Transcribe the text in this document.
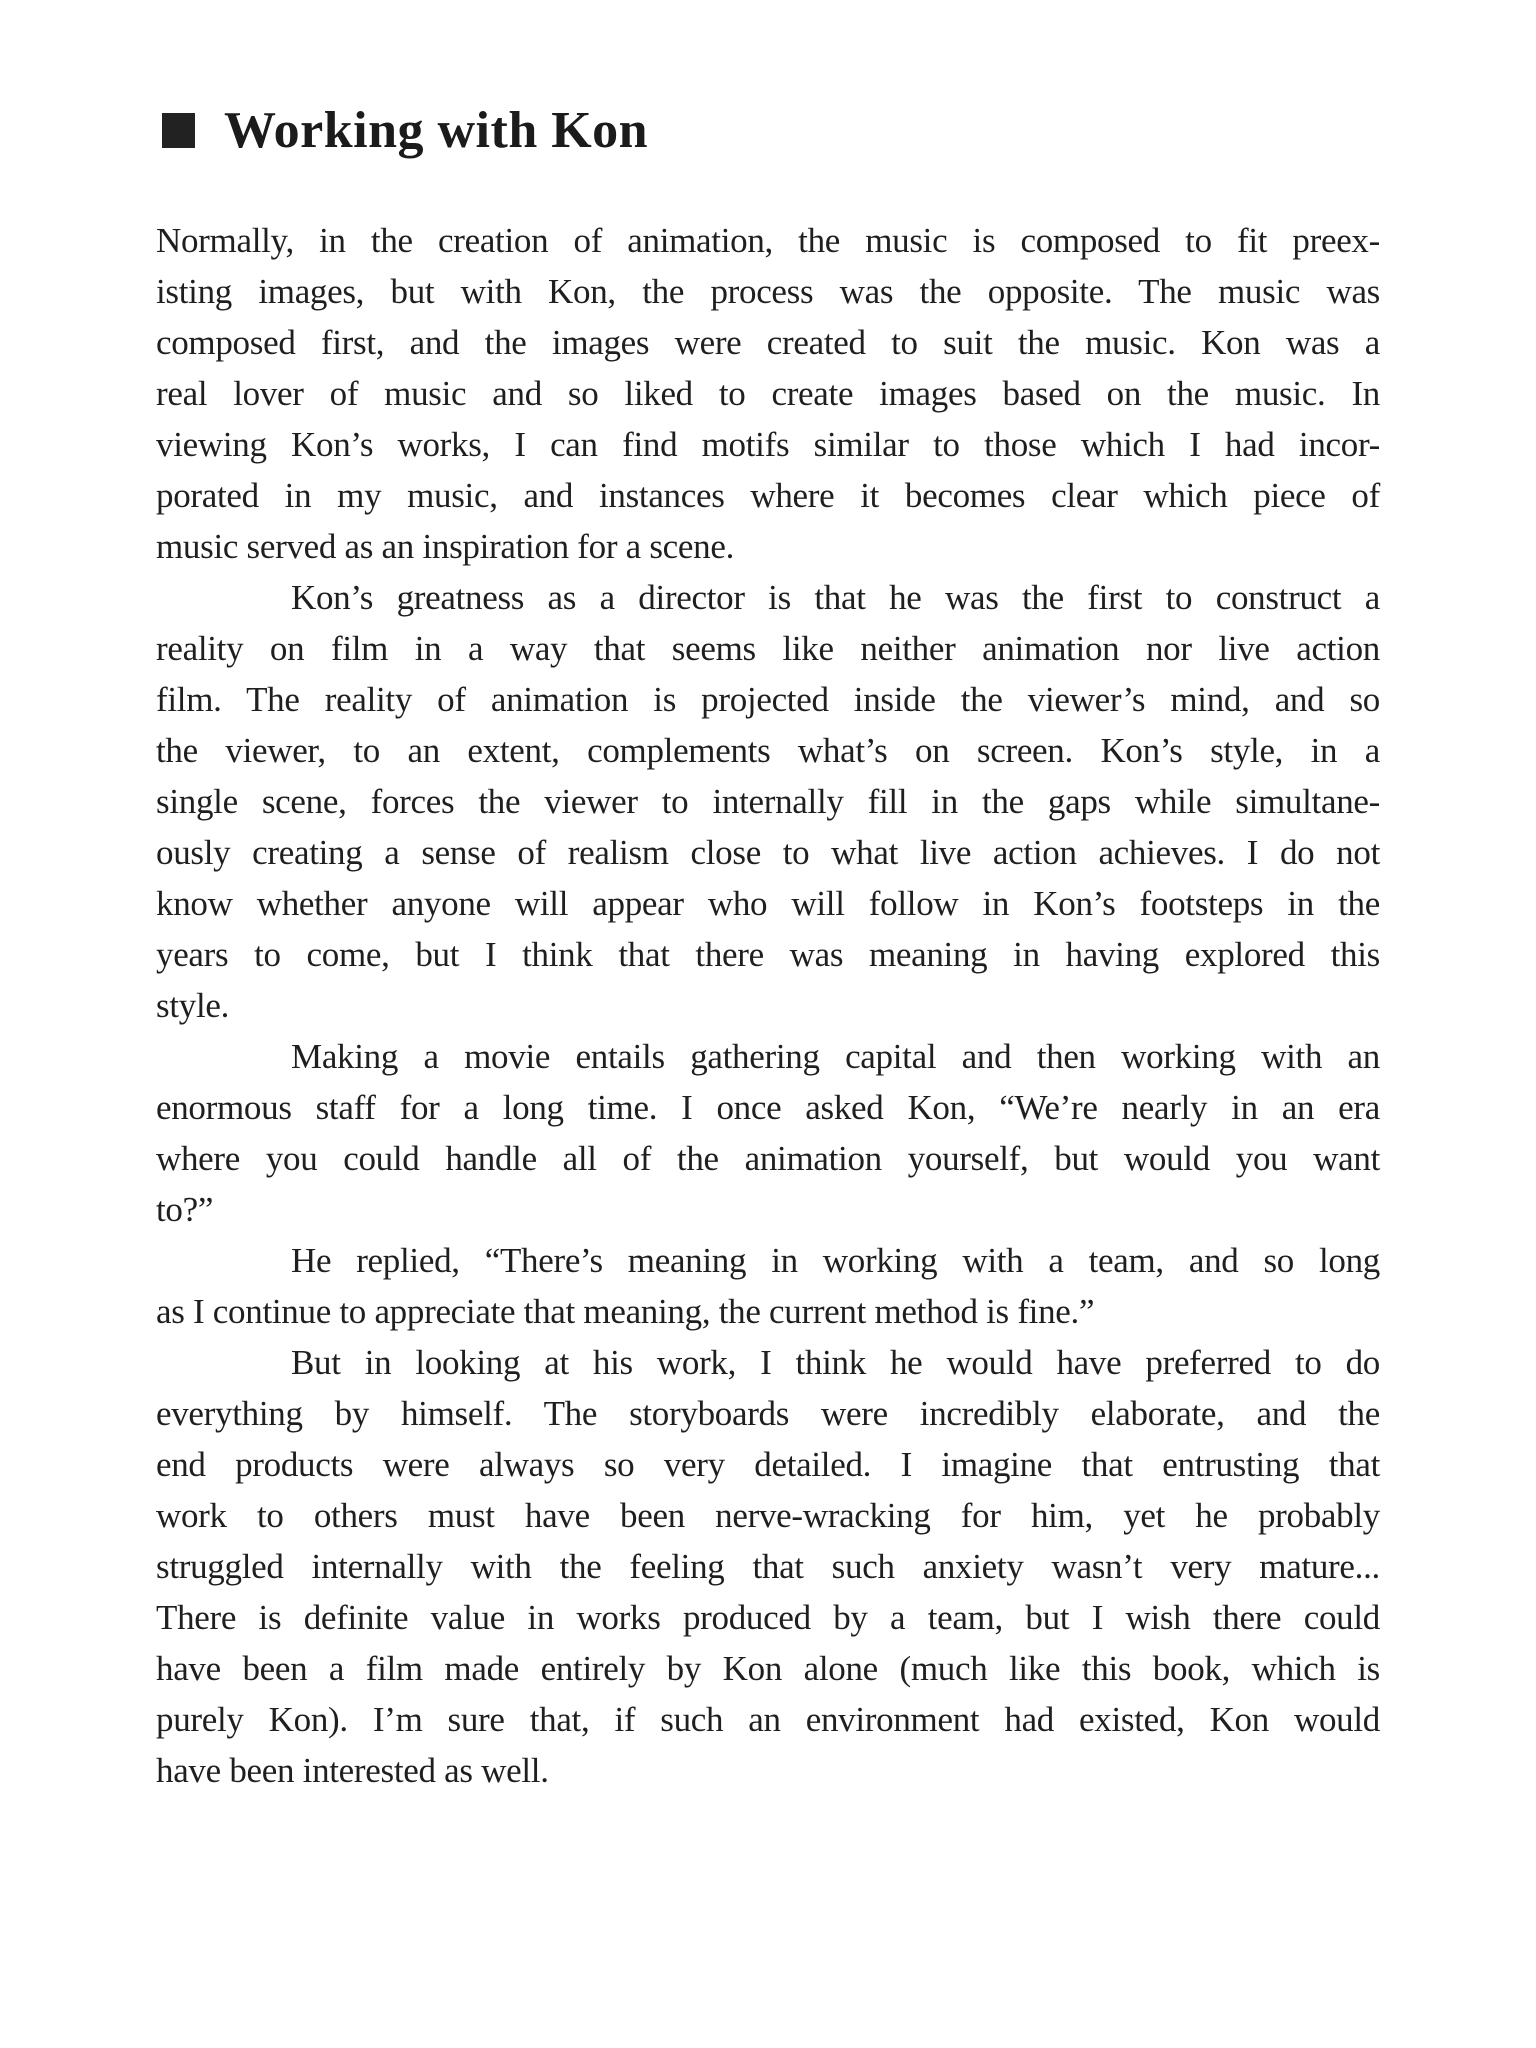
Working with Kon
Normally, in the creation of animation, the music is composed to fit preex-
isting images, but with Kon, the process was the opposite. The music was
composed first, and the images were created to suit the music. Kon was a
real lover of music and so liked to create images based on the music. In
viewing Kon’s works, I can find motifs similar to those which I had incor-
porated in my music, and instances where it becomes clear which piece of
music served as an inspiration for a scene.
Kon’s greatness as a director is that he was the first to construct a
reality on film in a way that seems like neither animation nor live action
film. The reality of animation is projected inside the viewer’s mind, and so
the viewer, to an extent, complements what’s on screen. Kon’s style, in a
single scene, forces the viewer to internally fill in the gaps while simultane-
ously creating a sense of realism close to what live action achieves. I do not
know whether anyone will appear who will follow in Kon’s footsteps in the
years to come, but I think that there was meaning in having explored this
style.
Making a movie entails gathering capital and then working with an
enormous staff for a long time. I once asked Kon, “We’re nearly in an era
where you could handle all of the animation yourself, but would you want
to?”
He replied, “There’s meaning in working with a team, and so long
as I continue to appreciate that meaning, the current method is fine.”
But in looking at his work, I think he would have preferred to do
everything by himself. The storyboards were incredibly elaborate, and the
end products were always so very detailed. I imagine that entrusting that
work to others must have been nerve-wracking for him, yet he probably
struggled internally with the feeling that such anxiety wasn’t very mature...
There is definite value in works produced by a team, but I wish there could
have been a film made entirely by Kon alone (much like this book, which is
purely Kon). I’m sure that, if such an environment had existed, Kon would
have been interested as well.
